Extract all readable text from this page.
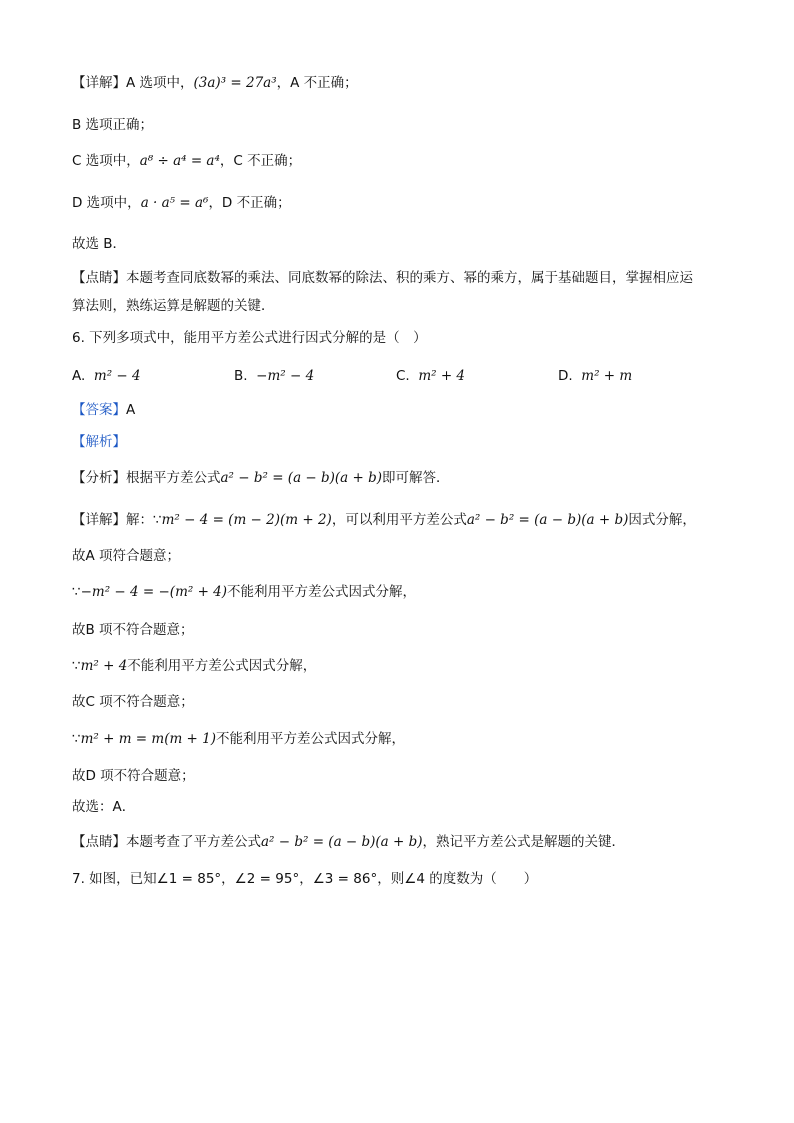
【详解】A 选项中，(3a)³ = 27a³，A 不正确；
B 选项正确；
C 选项中，a⁸ ÷ a⁴ = a⁴，C 不正确；
D 选项中，a · a⁵ = a⁶，D 不正确；
故选 B．
【点睛】本题考查同底数幂的乘法、同底数幂的除法、积的乘方、幂的乘方，属于基础题目，掌握相应运
算法则，熟练运算是解题的关键．
6. 下列多项式中，能用平方差公式进行因式分解的是（　）
A. m² − 4	B. −m² − 4	C. m² + 4	D. m² + m
【答案】A
【解析】
【分析】根据平方差公式a² − b² = (a − b)(a + b)即可解答．
【详解】解：∵m² − 4 = (m − 2)(m + 2)，可以利用平方差公式a² − b² = (a − b)(a + b)因式分解，
故A 项符合题意；
∵−m² − 4 = −(m² + 4)不能利用平方差公式因式分解，
故B 项不符合题意；
∵m² + 4不能利用平方差公式因式分解，
故C 项不符合题意；
∵m² + m = m(m + 1)不能利用平方差公式因式分解，
故D 项不符合题意；
故选：A．
【点睛】本题考查了平方差公式a² − b² = (a − b)(a + b)，熟记平方差公式是解题的关键．
7. 如图，已知∠1 = 85°，∠2 = 95°，∠3 = 86°，则∠4 的度数为（　　）
